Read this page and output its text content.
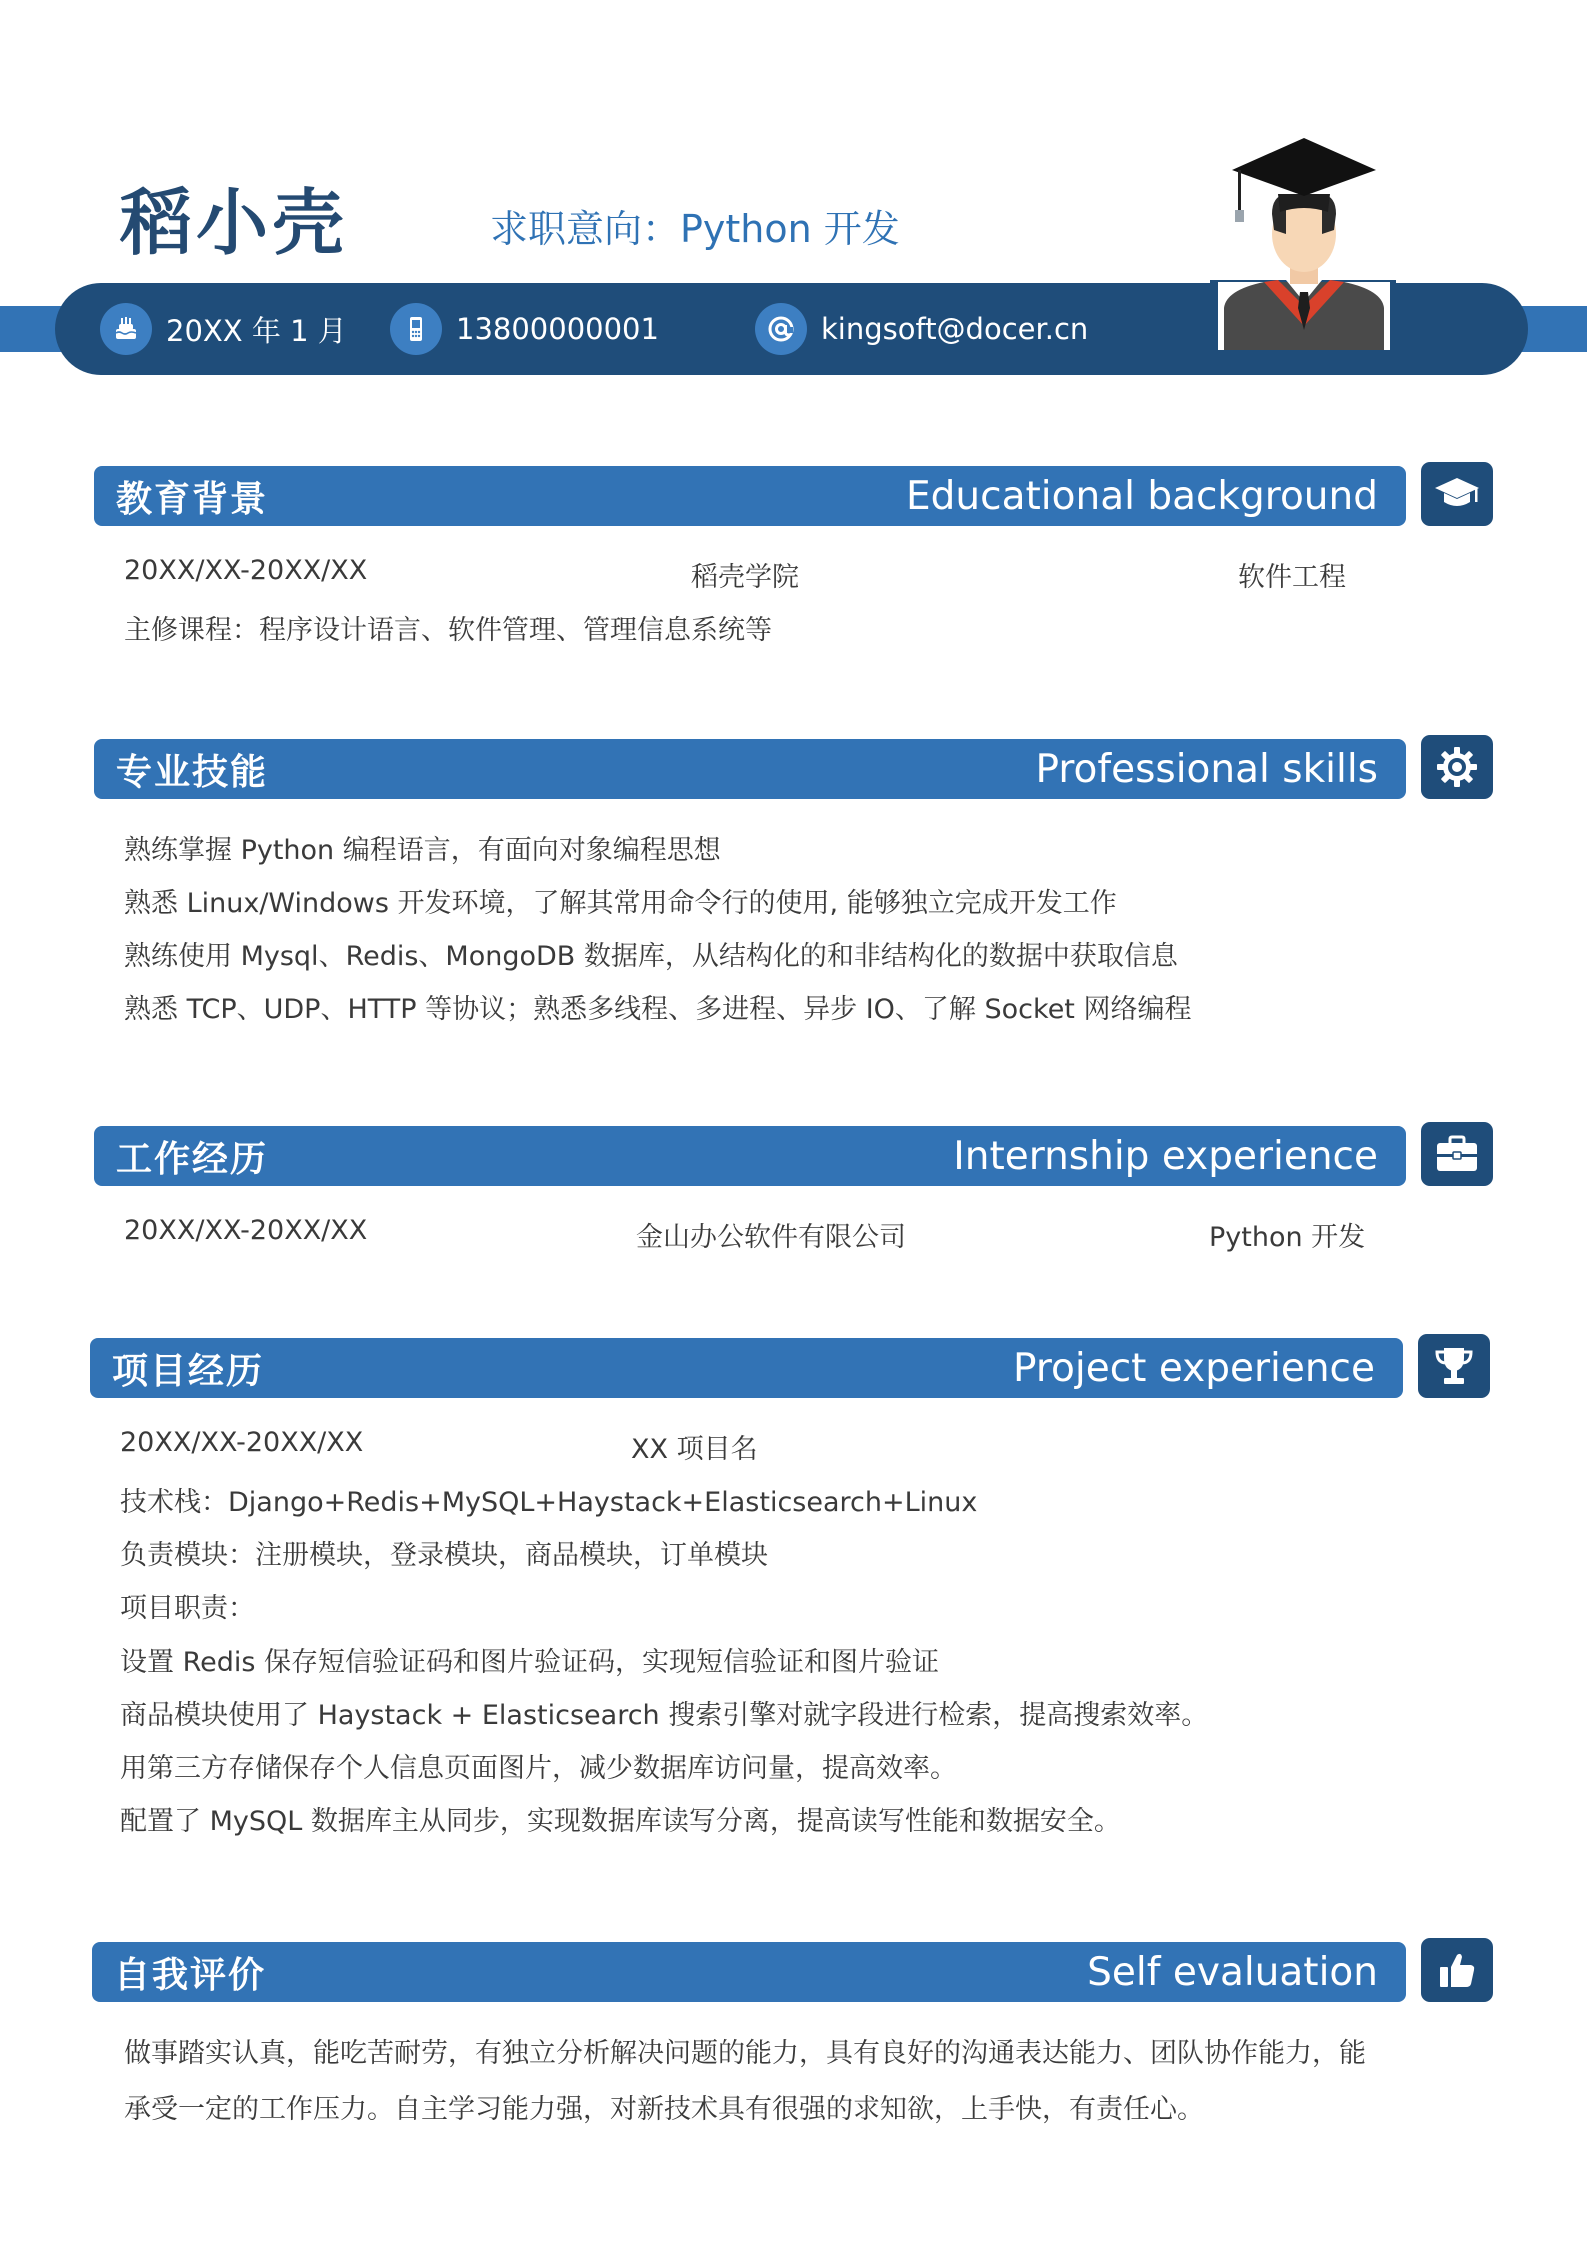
稻小壳	求职意向：Python 开发
20XX 年 1 月	13800000001	kingsoft@docer.cn
教育背景	Educational background
20XX/XX-20XX/XX	稻壳学院	软件工程
主修课程：程序设计语言、软件管理、管理信息系统等
专业技能	Professional skills
熟练掌握 Python 编程语言，有面向对象编程思想
熟悉 Linux/Windows 开发环境，了解其常用命令行的使用, 能够独立完成开发工作
熟练使用 Mysql、Redis、MongoDB 数据库，从结构化的和非结构化的数据中获取信息
熟悉 TCP、UDP、HTTP 等协议；熟悉多线程、多进程、异步 IO、了解 Socket 网络编程
工作经历	Internship experience
20XX/XX-20XX/XX	金山办公软件有限公司	Python 开发
项目经历	Project experience
20XX/XX-20XX/XX	XX 项目名
技术栈：Django+Redis+MySQL+Haystack+Elasticsearch+Linux
负责模块：注册模块，登录模块，商品模块，订单模块
项目职责：
设置 Redis 保存短信验证码和图片验证码，实现短信验证和图片验证
商品模块使用了 Haystack + Elasticsearch 搜索引擎对就字段进行检索，提高搜索效率。
用第三方存储保存个人信息页面图片，减少数据库访问量，提高效率。
配置了 MySQL 数据库主从同步，实现数据库读写分离，提高读写性能和数据安全。
自我评价	Self evaluation
做事踏实认真，能吃苦耐劳，有独立分析解决问题的能力，具有良好的沟通表达能力、团队协作能力，能
承受一定的工作压力。自主学习能力强，对新技术具有很强的求知欲，上手快，有责任心。
